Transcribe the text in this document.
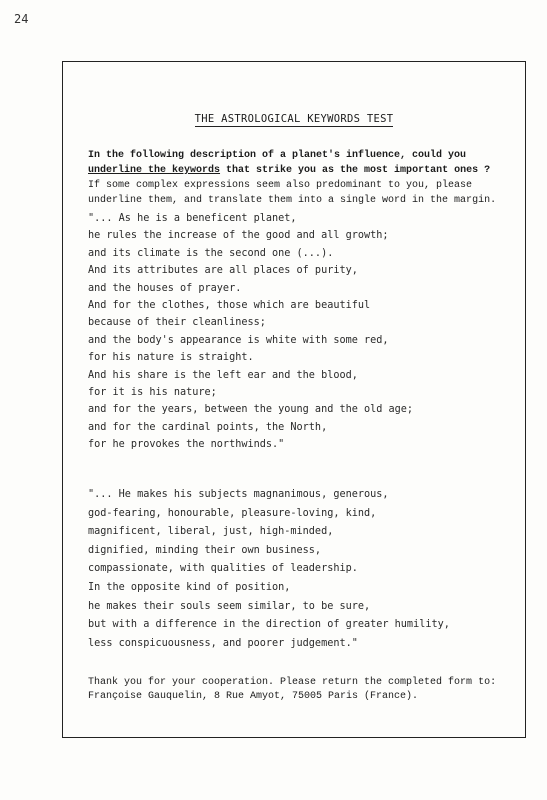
24
THE ASTROLOGICAL KEYWORDS TEST
In the following description of a planet's influence, could you
underline the keywords that strike you as the most important ones ?
If some complex expressions seem also predominant to you, please
underline them, and translate them into a single word in the margin.
"... As he is a beneficent planet,
he rules the increase of the good and all growth;
and its climate is the second one (...).
And its attributes are all places of purity,
and the houses of prayer.
And for the clothes, those which are beautiful
because of their cleanliness;
and the body's appearance is white with some red,
for his nature is straight.
And his share is the left ear and the blood,
for it is his nature;
and for the years, between the young and the old age;
and for the cardinal points, the North,
for he provokes the northwinds."
"... He makes his subjects magnanimous, generous,
god-fearing, honourable, pleasure-loving, kind,
magnificent, liberal, just, high-minded,
dignified, minding their own business,
compassionate, with qualities of leadership.
In the opposite kind of position,
he makes their souls seem similar, to be sure,
but with a difference in the direction of greater humility,
less conspicuousness, and poorer judgement."
Thank you for your cooperation. Please return the completed form to:
Françoise Gauquelin, 8 Rue Amyot, 75005 Paris (France).
